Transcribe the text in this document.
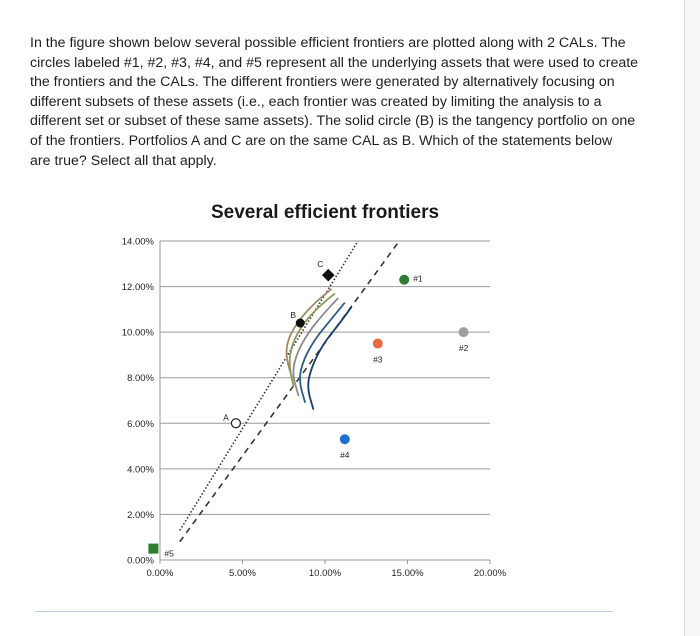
In the figure shown below several possible efficient frontiers are plotted along with 2 CALs. The
circles labeled #1, #2, #3, #4, and #5 represent all the underlying assets that were used to create
the frontiers and the CALs. The different frontiers were generated by alternatively focusing on
different subsets of these assets (i.e., each frontier was created by limiting the analysis to a
different set or subset of these same assets). The solid circle (B) is the tangency portfolio on one
of the frontiers. Portfolios A and C are on the same CAL as B. Which of the statements below
are true? Select all that apply.
Several efficient frontiers
0.00%
2.00%
4.00%
6.00%
8.00%
10.00%
12.00%
14.00%
0.00%	5.00%	10.00%	15.00%	20.00%
A
B
C
#1
#2
#3
#4
#5
